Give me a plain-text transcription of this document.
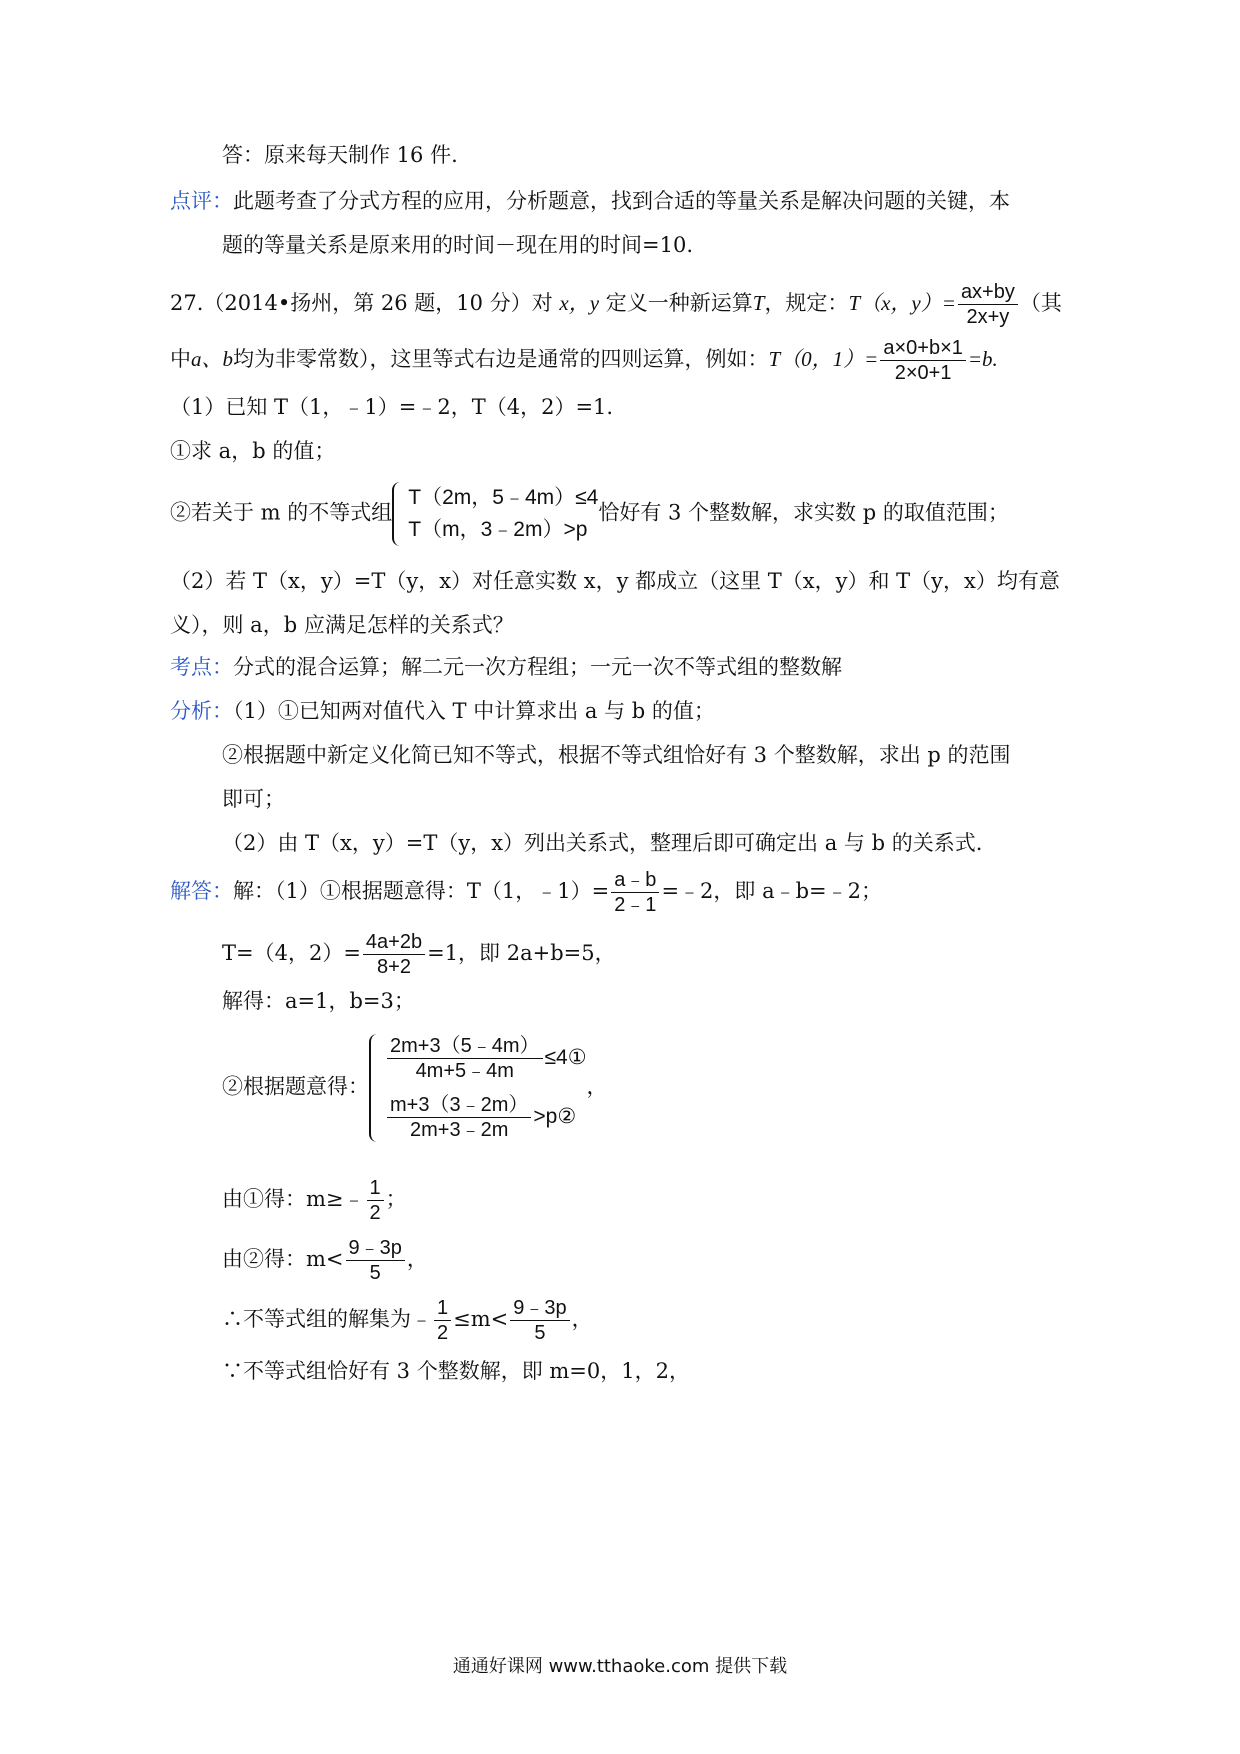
答：原来每天制作 16 件.
点评：此题考查了分式方程的应用，分析题意，找到合适的等量关系是解决问题的关键，本
题的等量关系是原来用的时间－现在用的时间=10.
27.（2014•扬州，第 26 题，10 分）对 x，y 定义一种新运算T，规定：T（x，$y)= \frac{ax+by}{2x+y}$ （其
中a、b均为非零常数），这里等式右边是通常的四则运算，例如：T（0，$1)= \frac{a\times 0+b\times 1}{2\times 0+1} =b$.
（1）已知 T（1，﹣1）=﹣2，T（4，2）=1.
①求 a，b 的值；
②若关于 m 的不等式组
T（2m，5﹣4m）≤4
T（m，3﹣2m）>p
恰好有 3 个整数解，求实数 p 的取值范围；
（2）若 T（x，y）=T（y，x）对任意实数 x，y 都成立（这里 T（x，y）和 T（y，x）均有意
义），则 a，b 应满足怎样的关系式？
考点：分式的混合运算；解二元一次方程组；一元一次不等式组的整数解
分析：（1）①已知两对值代入 T 中计算求出 a 与 b 的值；
②根据题中新定义化简已知不等式，根据不等式组恰好有 3 个整数解，求出 p 的范围
即可；
（2）由 T（x，y）=T（y，x）列出关系式，整理后即可确定出 a 与 b 的关系式.
解答：解：（1）①根据题意得：T（1，﹣1）= $\frac{a﹣b}{2﹣1}$ =﹣2，即 a﹣b=﹣2；
T=（4，$2)= \frac{4a+2b}{8+2} =1$，即 2a+b=5，
解得：a=1，b=3；
②根据题意得：
$\frac{2m+3(5﹣4m)}{4m+5﹣4m}$ ≤4①
$\frac{m+3(3﹣2m)}{2m+3﹣2m}$ >p②
，
由①得：m≥﹣ $\frac{1}{2}$ ；
由②得：$m< \frac{9﹣3p}{5}$ ，
∴不等式组的解集为﹣ $\frac{1}{2} \le m< \frac{9﹣3p}{5}$ ，
∵不等式组恰好有 3 个整数解，即 m=0，1，2，
通通好课网 www.tthaoke.com 提供下载
